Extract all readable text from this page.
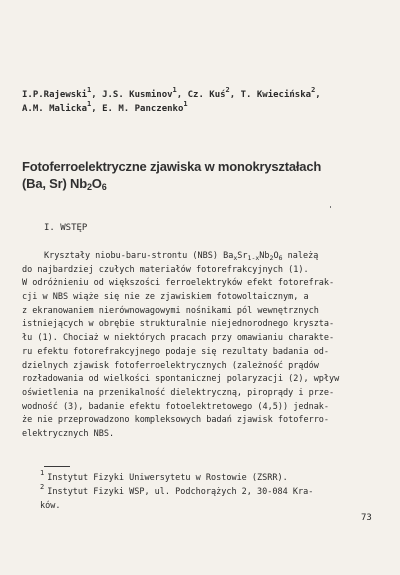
I.P.Rajewski$^1$, J.S. Kusminov$^1$, Cz. Kuś$^2$, T. Kwiecińska$^2$,
A.M. Malicka$^1$, E. M. Panczenko$^1$
Fotoferroelektryczne zjawiska w monokryształach
(Ba, Sr) $Nb_2O_6$
I. WSTĘP
Kryształy niobu-baru-strontu (NBS) $Ba_xSr_{1-x}Nb_2O_6$ należą
do najbardziej czułych materiałów fotorefrakcyjnych (1).
W odróżnieniu od większości ferroelektryków efekt fotorefrak-
cji w NBS wiąże się nie ze zjawiskiem fotowoltaicznym, a
z ekranowaniem nierównowagowymi nośnikami pól wewnętrznych
istniejących w obrębie strukturalnie niejednorodnego kryszta-
łu (1). Chociaż w niektórych pracach przy omawianiu charakte-
ru efektu fotorefrakcyjnego podaje się rezultaty badania od-
dzielnych zjawisk fotoferroelektrycznych (zależność prądów
rozładowania od wielkości spontanicznej polaryzacji (2), wpływ
oświetlenia na przenikalność dielektryczną, piroprądy i prze-
wodność (3), badanie efektu fotoelektretowego (4,5)) jednak-
że nie przeprowadzono kompleksowych badań zjawisk fotoferro-
elektrycznych NBS.
$^1$ Instytut Fizyki Uniwersytetu w Rostowie (ZSRR).
$^2$ Instytut Fizyki WSP, ul. Podchorążych 2, 30-084 Kra-
ków.
73
